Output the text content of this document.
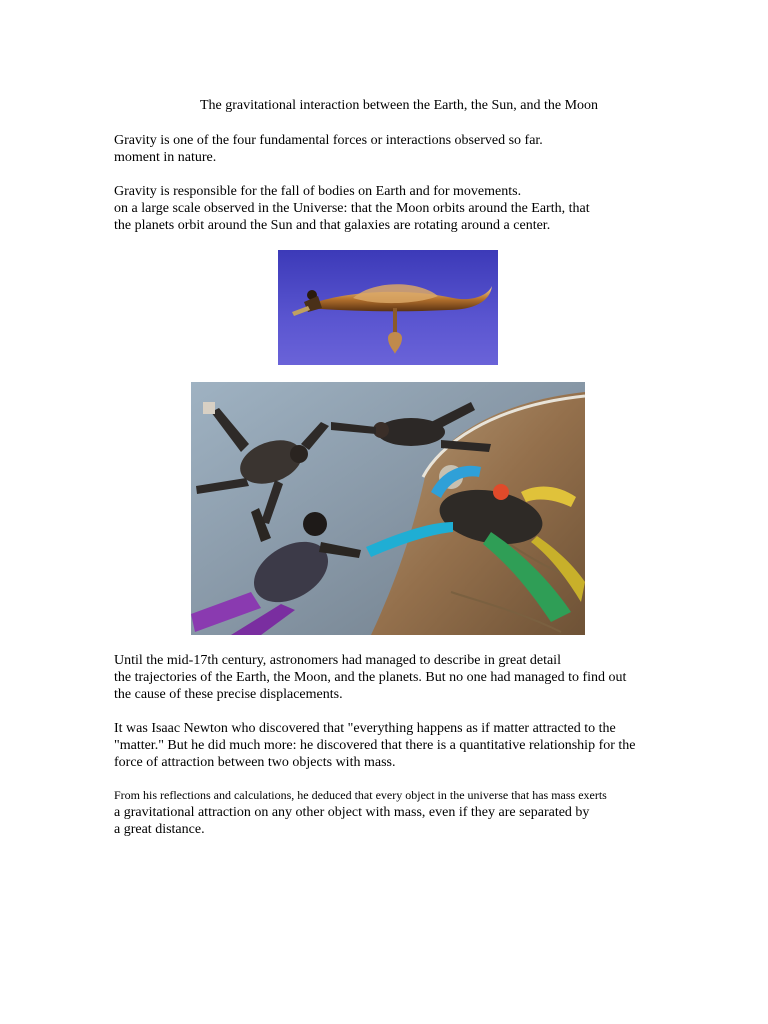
The gravitational interaction between the Earth, the Sun, and the Moon
Gravity is one of the four fundamental forces or interactions observed so far.
moment in nature.
Gravity is responsible for the fall of bodies on Earth and for movements.
on a large scale observed in the Universe: that the Moon orbits around the Earth, that
the planets orbit around the Sun and that galaxies are rotating around a center.
Until the mid-17th century, astronomers had managed to describe in great detail
the trajectories of the Earth, the Moon, and the planets. But no one had managed to find out
the cause of these precise displacements.
It was Isaac Newton who discovered that "everything happens as if matter attracted to the
"matter." But he did much more: he discovered that there is a quantitative relationship for the
force of attraction between two objects with mass.
From his reflections and calculations, he deduced that every object in the universe that has mass exerts
a gravitational attraction on any other object with mass, even if they are separated by
a great distance.
